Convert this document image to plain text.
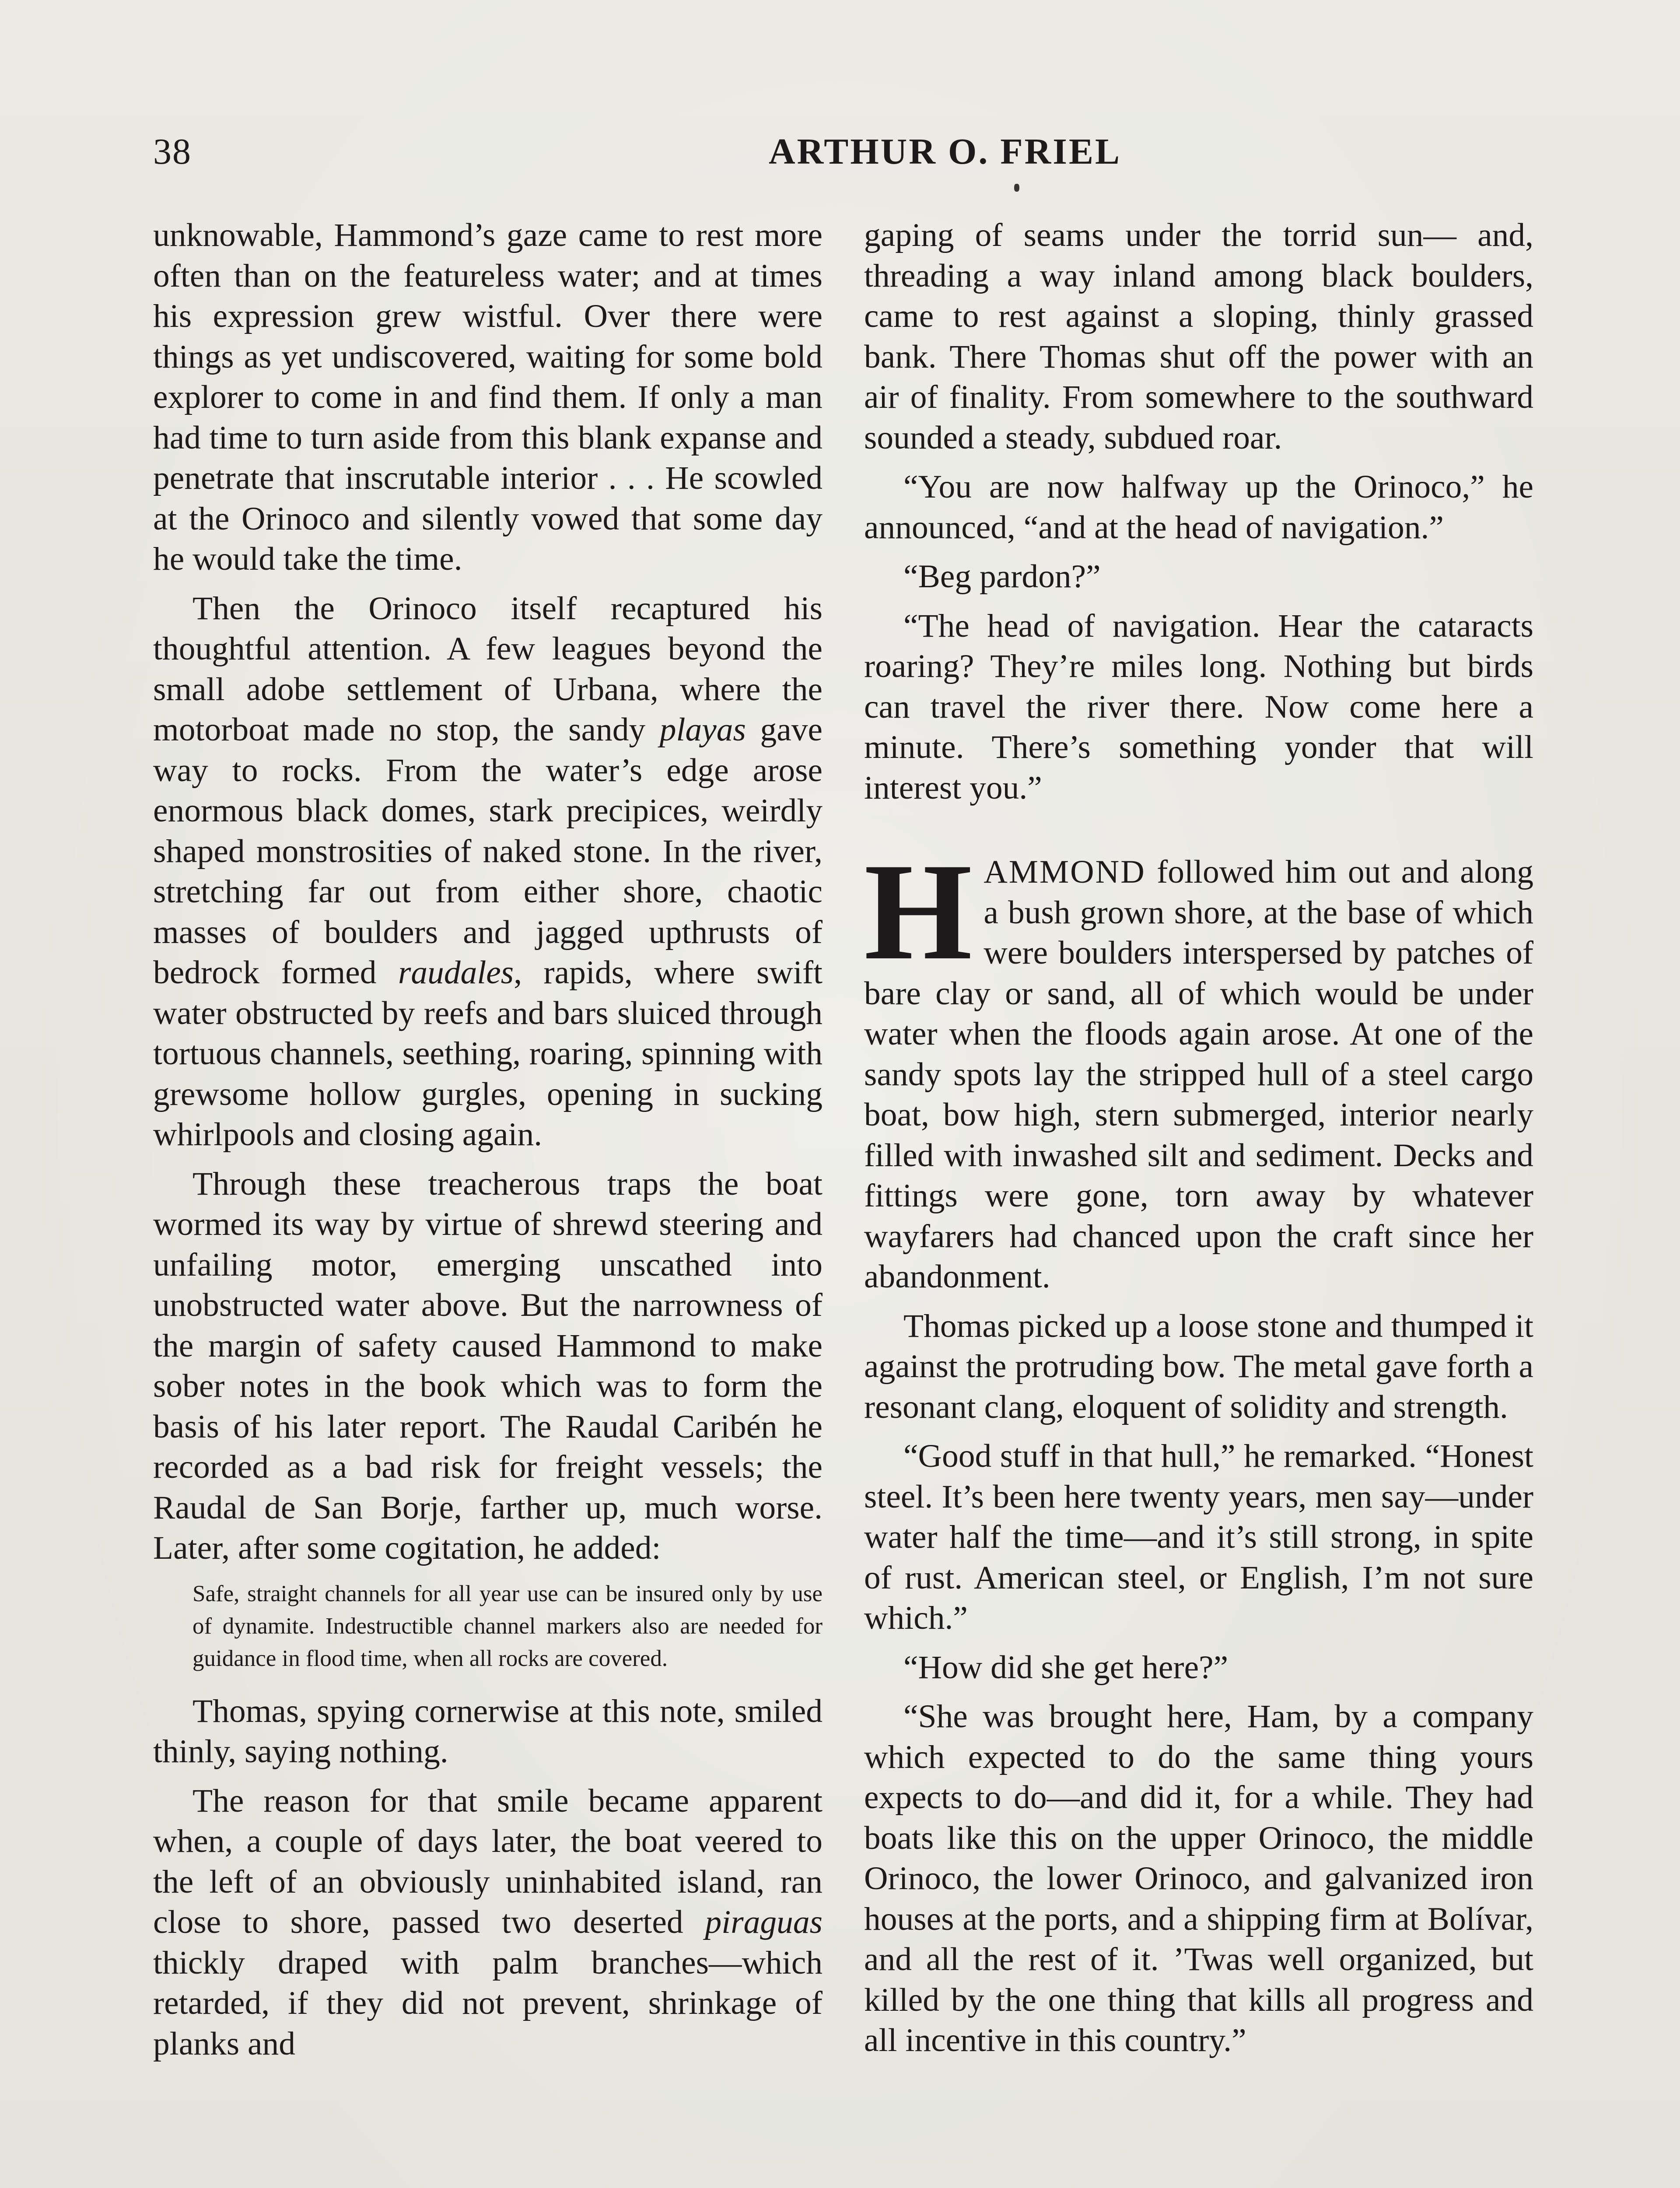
38	ARTHUR O. FRIEL

unknowable, Hammond’s gaze came to rest more often than on the featureless water; and at times his expression grew wistful. Over there were things as yet undiscovered, waiting for some bold explorer to come in and find them. If only a man had time to turn aside from this blank expanse and penetrate that inscrutable interior . . . He scowled at the Orinoco and silently vowed that some day he would take the time.

Then the Orinoco itself recaptured his thoughtful attention. A few leagues beyond the small adobe settlement of Urbana, where the motorboat made no stop, the sandy playas gave way to rocks. From the water’s edge arose enormous black domes, stark precipices, weirdly shaped monstrosities of naked stone. In the river, stretching far out from either shore, chaotic masses of boulders and jagged upthrusts of bedrock formed raudales, rapids, where swift water obstructed by reefs and bars sluiced through tortuous channels, seething, roaring, spinning with grewsome hollow gurgles, opening in sucking whirlpools and closing again.

Through these treacherous traps the boat wormed its way by virtue of shrewd steering and unfailing motor, emerging unscathed into unobstructed water above. But the narrowness of the margin of safety caused Hammond to make sober notes in the book which was to form the basis of his later report. The Raudal Caribén he recorded as a bad risk for freight vessels; the Raudal de San Borje, farther up, much worse. Later, after some cogitation, he added:

Safe, straight channels for all year use can be insured only by use of dynamite. Indestructible channel markers also are needed for guidance in flood time, when all rocks are covered.

Thomas, spying cornerwise at this note, smiled thinly, saying nothing.

The reason for that smile became apparent when, a couple of days later, the boat veered to the left of an obviously uninhabited island, ran close to shore, passed two deserted piraguas thickly draped with palm branches—which retarded, if they did not prevent, shrinkage of planks and

gaping of seams under the torrid sun— and, threading a way inland among black boulders, came to rest against a sloping, thinly grassed bank. There Thomas shut off the power with an air of finality. From somewhere to the southward sounded a steady, subdued roar.

“You are now halfway up the Orinoco,” he announced, “and at the head of navigation.”

“Beg pardon?”

“The head of navigation. Hear the cataracts roaring? They’re miles long. Nothing but birds can travel the river there. Now come here a minute. There’s something yonder that will interest you.”

HAMMOND followed him out and along a bush grown shore, at the base of which were boulders interspersed by patches of bare clay or sand, all of which would be under water when the floods again arose. At one of the sandy spots lay the stripped hull of a steel cargo boat, bow high, stern submerged, interior nearly filled with inwashed silt and sediment. Decks and fittings were gone, torn away by whatever wayfarers had chanced upon the craft since her abandonment.

Thomas picked up a loose stone and thumped it against the protruding bow. The metal gave forth a resonant clang, eloquent of solidity and strength.

“Good stuff in that hull,” he remarked. “Honest steel. It’s been here twenty years, men say—under water half the time—and it’s still strong, in spite of rust. American steel, or English, I’m not sure which.”

“How did she get here?”

“She was brought here, Ham, by a company which expected to do the same thing yours expects to do—and did it, for a while. They had boats like this on the upper Orinoco, the middle Orinoco, the lower Orinoco, and galvanized iron houses at the ports, and a shipping firm at Bolívar, and all the rest of it. ’Twas well organized, but killed by the one thing that kills all progress and all incentive in this country.”
